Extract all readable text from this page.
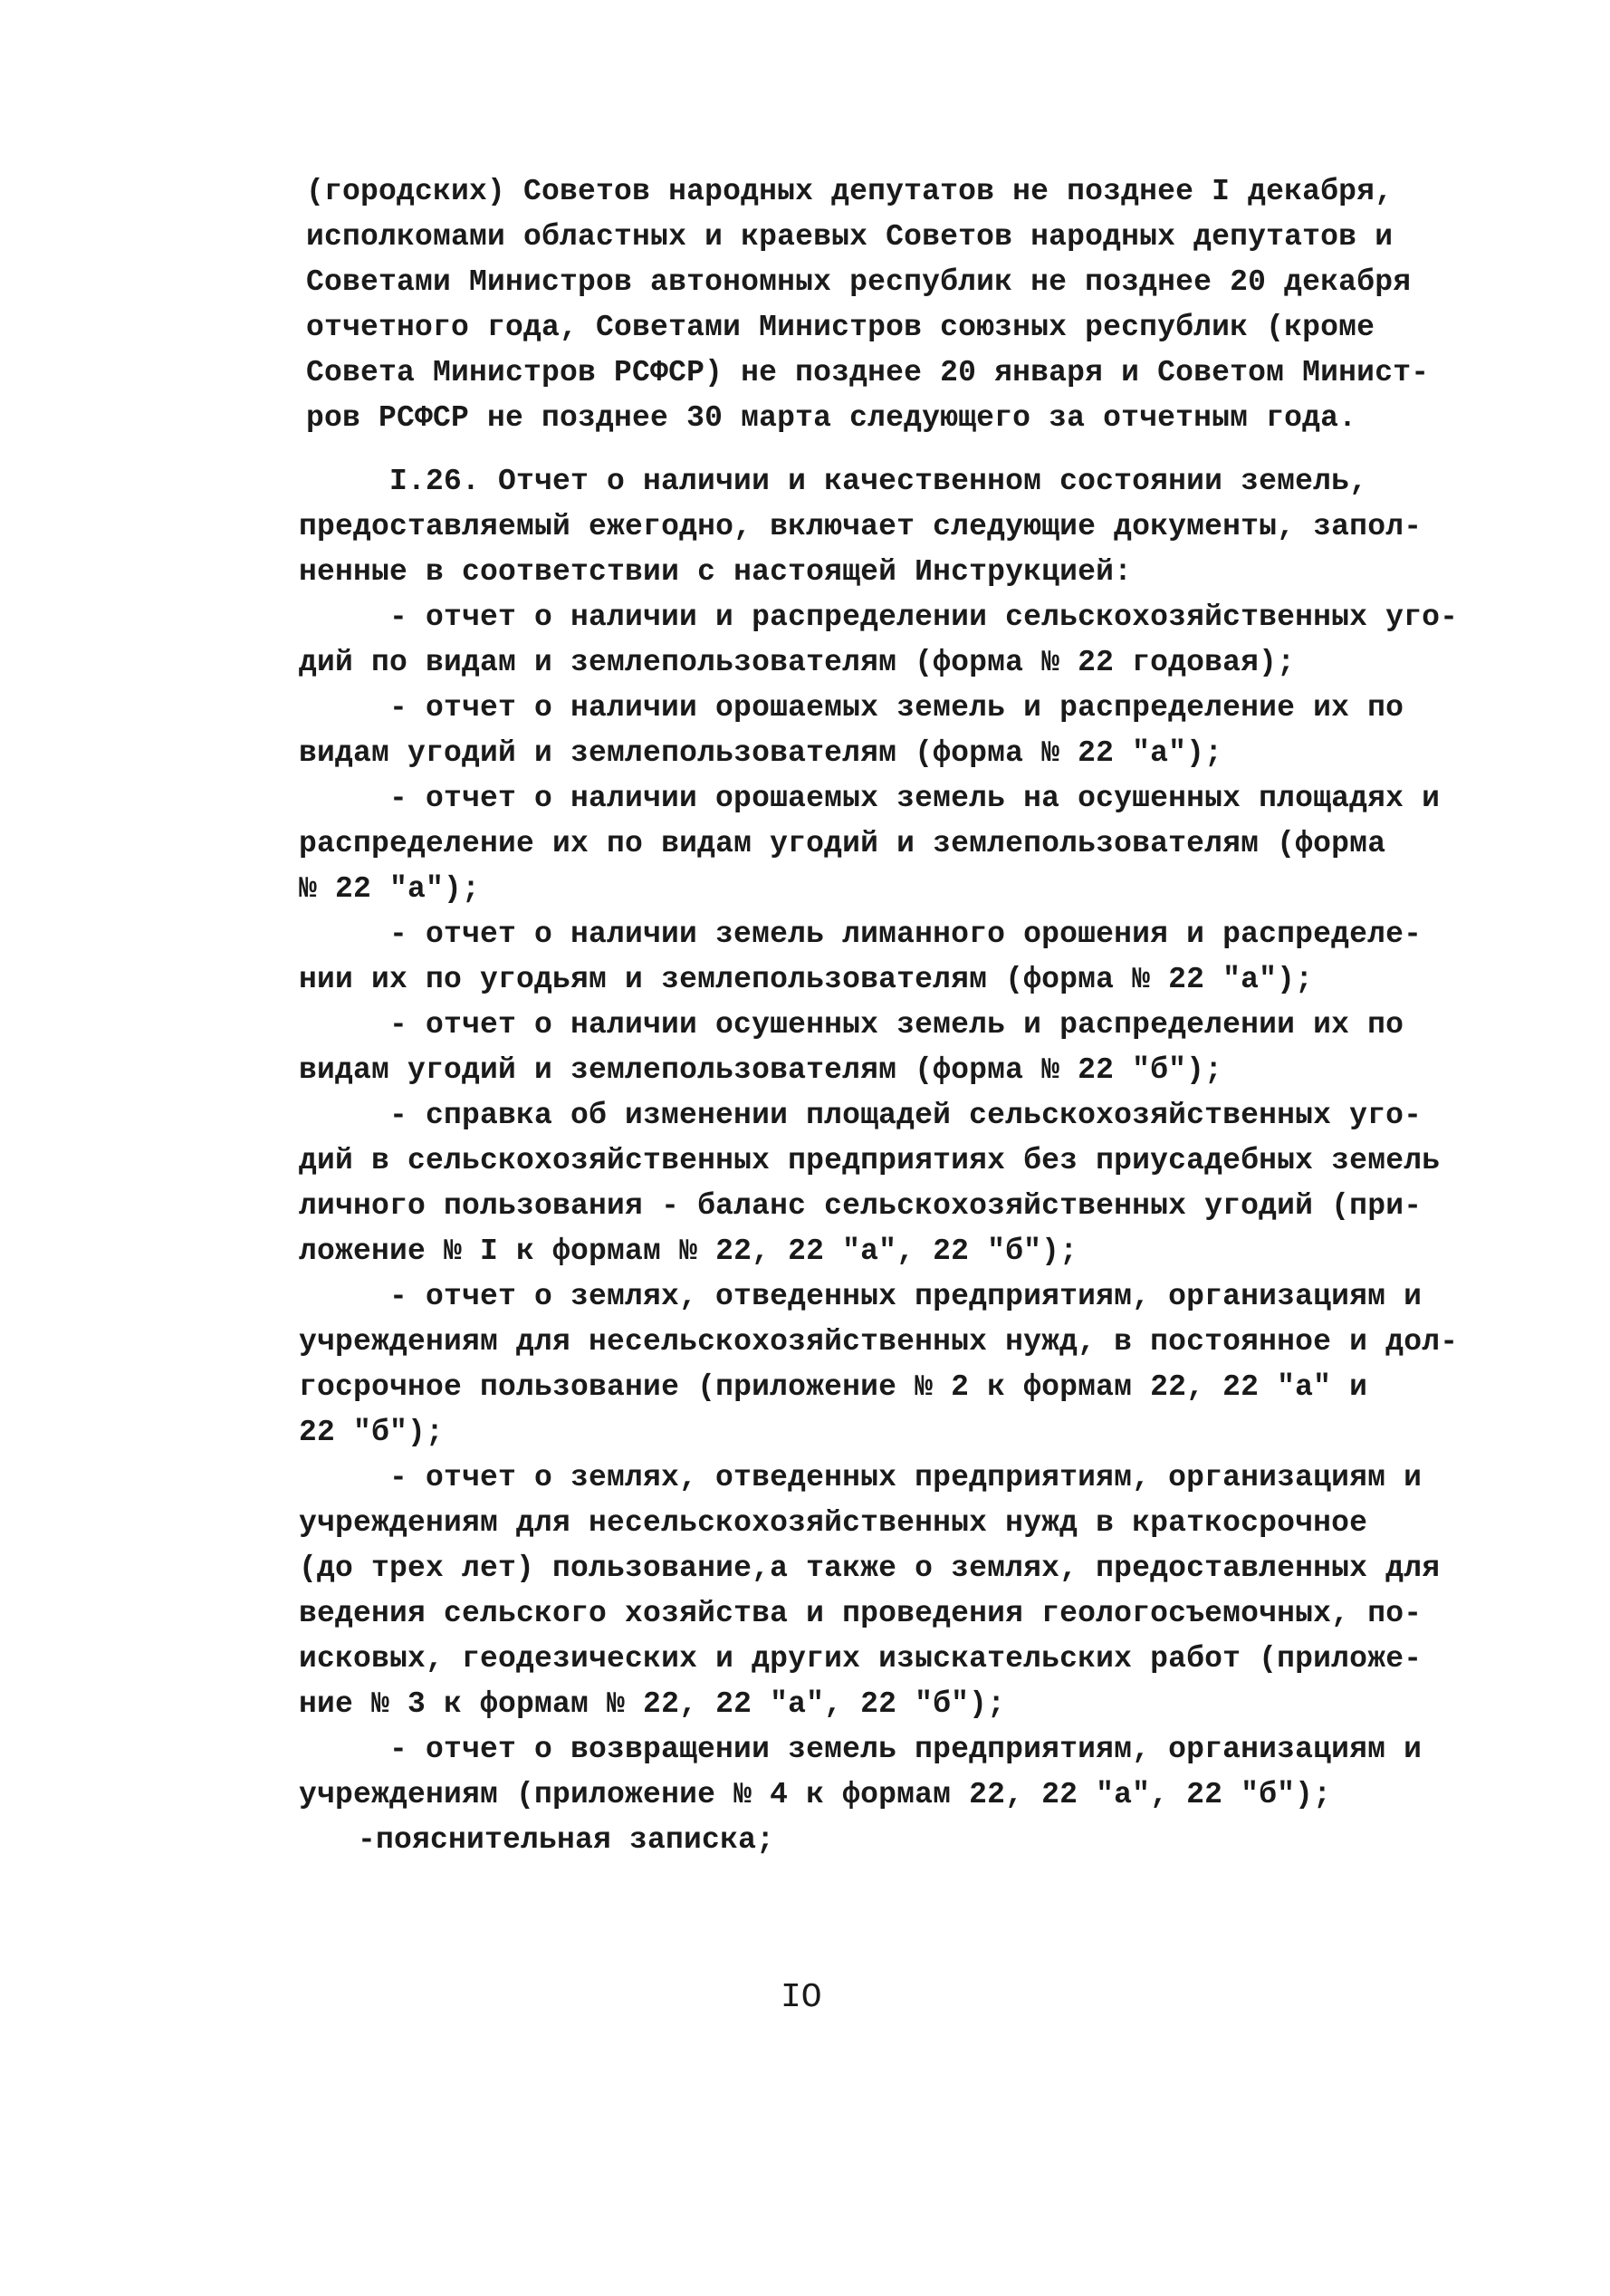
(городских) Советов народных депутатов не позднее I декабря,
исполкомами областных и краевых Советов народных депутатов и
Советами Министров автономных республик не позднее 20 декабря
отчетного года, Советами Министров союзных республик (кроме
Совета Министров РСФСР) не позднее 20 января и Советом Минист-
ров РСФСР не позднее 30 марта следующего за отчетным года.
I.26. Отчет о наличии и качественном состоянии земель,
предоставляемый ежегодно, включает следующие документы, запол-
ненные в соответствии с настоящей Инструкцией:
- отчет о наличии и распределении сельскохозяйственных уго-
дий по видам и землепользователям (форма № 22 годовая);
- отчет о наличии орошаемых земель и распределение их по
видам угодий и землепользователям (форма № 22 "а");
- отчет о наличии орошаемых земель на осушенных площадях и
распределение их по видам угодий и землепользователям (форма
№ 22 "а");
- отчет о наличии земель лиманного орошения и распределе-
нии их по угодьям и землепользователям (форма № 22 "а");
- отчет о наличии осушенных земель и распределении их по
видам угодий и землепользователям (форма № 22 "б");
- справка об изменении площадей сельскохозяйственных уго-
дий в сельскохозяйственных предприятиях без приусадебных земель
личного пользования - баланс сельскохозяйственных угодий (при-
ложение № I к формам № 22, 22 "а", 22 "б");
- отчет о землях, отведенных предприятиям, организациям и
учреждениям для несельскохозяйственных нужд, в постоянное и дол-
госрочное пользование (приложение № 2 к формам 22, 22 "а" и
22 "б");
- отчет о землях, отведенных предприятиям, организациям и
учреждениям для несельскохозяйственных нужд в краткосрочное
(до трех лет) пользование,а также о землях, предоставленных для
ведения сельского хозяйства и проведения геологосъемочных, по-
исковых, геодезических и других изыскательских работ (приложе-
ние № 3 к формам № 22, 22 "а", 22 "б");
- отчет о возвращении земель предприятиям, организациям и
учреждениям (приложение № 4 к формам 22, 22 "а", 22 "б");
-пояснительная записка;
IO
